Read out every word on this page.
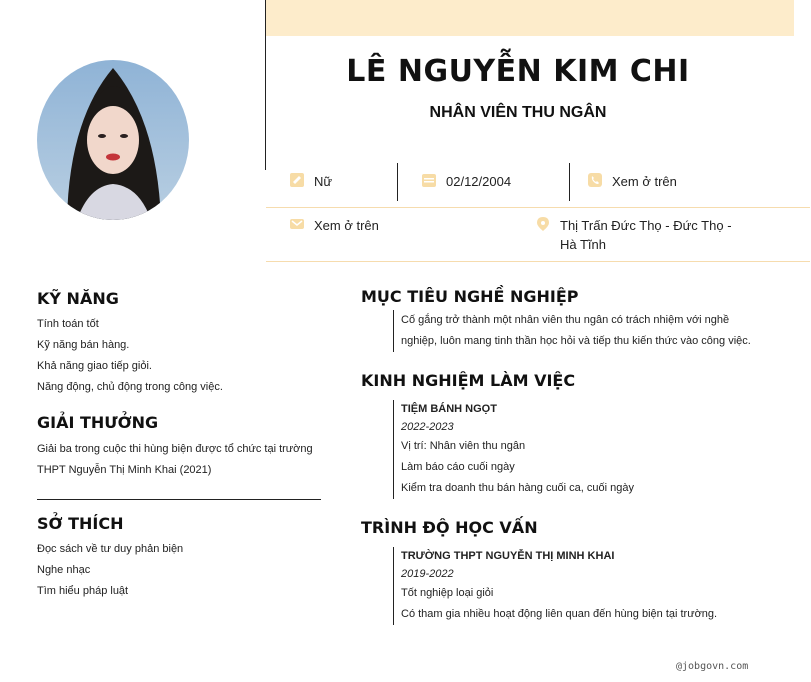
LÊ NGUYỄN KIM CHI
NHÂN VIÊN THU NGÂN
Nữ	02/12/2004	Xem ở trên
Xem ở trên	Thị Trấn Đức Thọ - Đức Thọ - Hà Tĩnh
KỸ NĂNG
Tính toán tốt
Kỹ năng bán hàng.
Khả năng giao tiếp giỏi.
Năng động, chủ động trong công việc.
GIẢI THƯỞNG
Giải ba trong cuộc thi hùng biện được tổ chức tại trường
THPT Nguyễn Thị Minh Khai (2021)
SỞ THÍCH
Đọc sách về tư duy phản biện
Nghe nhạc
Tìm hiểu pháp luật
MỤC TIÊU NGHỀ NGHIỆP
Cố gắng trở thành một nhân viên thu ngân có trách nhiệm với nghề
nghiệp, luôn mang tinh thần học hỏi và tiếp thu kiến thức vào công việc.
KINH NGHIỆM LÀM VIỆC
TIỆM BÁNH NGỌT
2022-2023
Vị trí: Nhân viên thu ngân
Làm báo cáo cuối ngày
Kiểm tra doanh thu bán hàng cuối ca, cuối ngày
TRÌNH ĐỘ HỌC VẤN
TRƯỜNG THPT NGUYỄN THỊ MINH KHAI
2019-2022
Tốt nghiệp loại giỏi
Có tham gia nhiều hoạt động liên quan đến hùng biện tại trường.
@jobgovn.com
